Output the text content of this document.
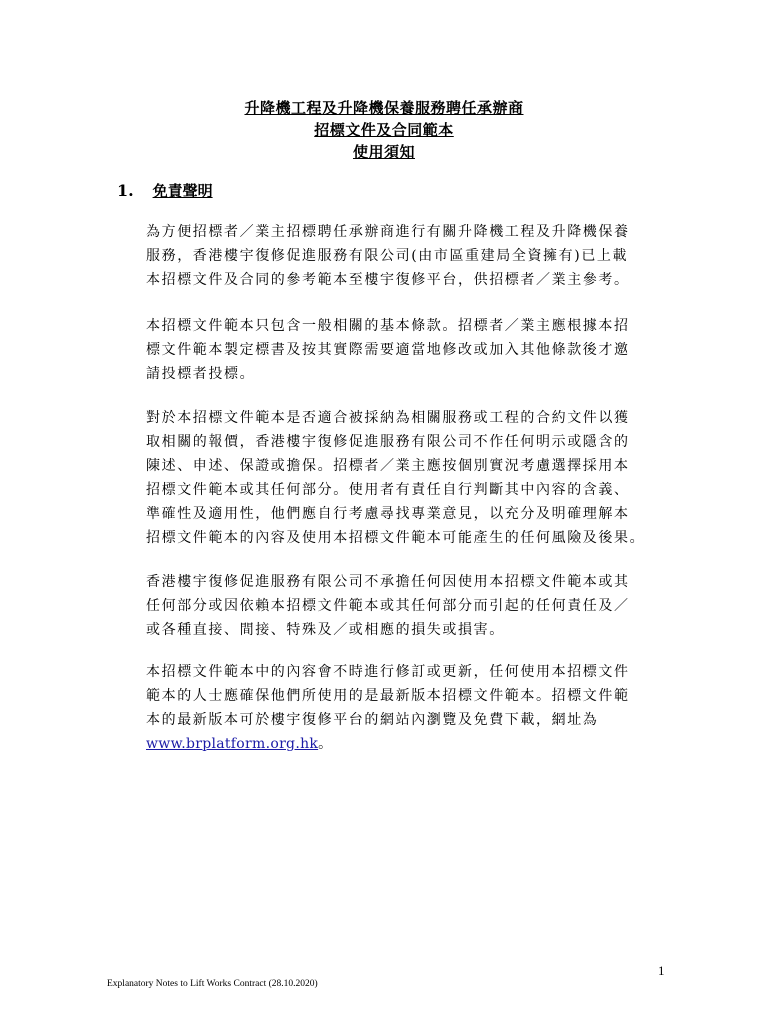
升降機工程及升降機保養服務聘任承辦商
招標文件及合同範本
使用須知
1. 免責聲明
為方便招標者／業主招標聘任承辦商進行有關升降機工程及升降機保養
服務，香港樓宇復修促進服務有限公司(由市區重建局全資擁有)已上載
本招標文件及合同的參考範本至樓宇復修平台，供招標者／業主參考。
本招標文件範本只包含一般相關的基本條款。招標者／業主應根據本招
標文件範本製定標書及按其實際需要適當地修改或加入其他條款後才邀
請投標者投標。
對於本招標文件範本是否適合被採納為相關服務或工程的合約文件以獲
取相關的報價，香港樓宇復修促進服務有限公司不作任何明示或隱含的
陳述、申述、保證或擔保。招標者／業主應按個別實況考慮選擇採用本
招標文件範本或其任何部分。使用者有責任自行判斷其中內容的含義、
準確性及適用性，他們應自行考慮尋找專業意見，以充分及明確理解本
招標文件範本的內容及使用本招標文件範本可能產生的任何風險及後果。
香港樓宇復修促進服務有限公司不承擔任何因使用本招標文件範本或其
任何部分或因依賴本招標文件範本或其任何部分而引起的任何責任及／
或各種直接、間接、特殊及／或相應的損失或損害。
本招標文件範本中的內容會不時進行修訂或更新，任何使用本招標文件
範本的人士應確保他們所使用的是最新版本招標文件範本。招標文件範
本的最新版本可於樓宇復修平台的網站內瀏覽及免費下載，網址為
www.brplatform.org.hk。
1
Explanatory Notes to Lift Works Contract (28.10.2020)
